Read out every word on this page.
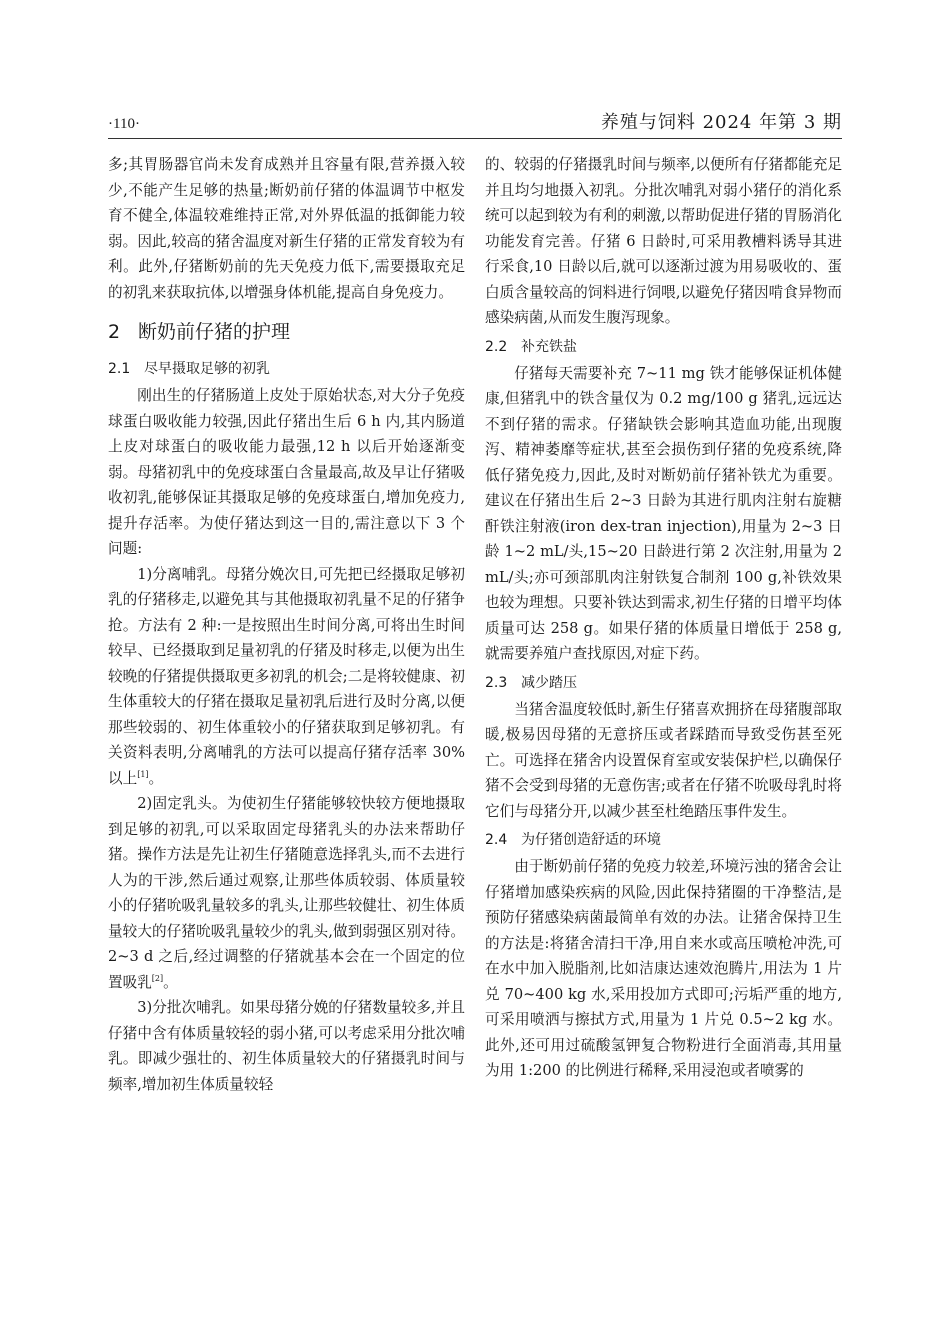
·110·	养殖与饲料 2024 年第 3 期

多;其胃肠器官尚未发育成熟并且容量有限,营养摄入较少,不能产生足够的热量;断奶前仔猪的体温调节中枢发育不健全,体温较难维持正常,对外界低温的抵御能力较弱。因此,较高的猪舍温度对新生仔猪的正常发育较为有利。此外,仔猪断奶前的先天免疫力低下,需要摄取充足的初乳来获取抗体,以增强身体机能,提高自身免疫力。

2 断奶前仔猪的护理
2.1 尽早摄取足够的初乳

刚出生的仔猪肠道上皮处于原始状态,对大分子免疫球蛋白吸收能力较强,因此仔猪出生后 6 h 内,其内肠道上皮对球蛋白的吸收能力最强,12 h 以后开始逐渐变弱。母猪初乳中的免疫球蛋白含量最高,故及早让仔猪吸收初乳,能够保证其摄取足够的免疫球蛋白,增加免疫力,提升存活率。为使仔猪达到这一目的,需注意以下 3 个问题:

1)分离哺乳。母猪分娩次日,可先把已经摄取足够初乳的仔猪移走,以避免其与其他摄取初乳量不足的仔猪争抢。方法有 2 种:一是按照出生时间分离,可将出生时间较早、已经摄取到足量初乳的仔猪及时移走,以便为出生较晚的仔猪提供摄取更多初乳的机会;二是将较健康、初生体重较大的仔猪在摄取足量初乳后进行及时分离,以便那些较弱的、初生体重较小的仔猪获取到足够初乳。有关资料表明,分离哺乳的方法可以提高仔猪存活率 30% 以上[1]。

2)固定乳头。为使初生仔猪能够较快较方便地摄取到足够的初乳,可以采取固定母猪乳头的办法来帮助仔猪。操作方法是先让初生仔猪随意选择乳头,而不去进行人为的干涉,然后通过观察,让那些体质较弱、体质量较小的仔猪吮吸乳量较多的乳头,让那些较健壮、初生体质量较大的仔猪吮吸乳量较少的乳头,做到弱强区别对待。2~3 d 之后,经过调整的仔猪就基本会在一个固定的位置吸乳[2]。

3)分批次哺乳。如果母猪分娩的仔猪数量较多,并且仔猪中含有体质量较轻的弱小猪,可以考虑采用分批次哺乳。即减少强壮的、初生体质量较大的仔猪摄乳时间与频率,增加初生体质量较轻

的、较弱的仔猪摄乳时间与频率,以便所有仔猪都能充足并且均匀地摄入初乳。分批次哺乳对弱小猪仔的消化系统可以起到较为有利的刺激,以帮助促进仔猪的胃肠消化功能发育完善。仔猪 6 日龄时,可采用教槽料诱导其进行采食,10 日龄以后,就可以逐渐过渡为用易吸收的、蛋白质含量较高的饲料进行饲喂,以避免仔猪因啃食异物而感染病菌,从而发生腹泻现象。

2.2 补充铁盐

仔猪每天需要补充 7~11 mg 铁才能够保证机体健康,但猪乳中的铁含量仅为 0.2 mg/100 g 猪乳,远远达不到仔猪的需求。仔猪缺铁会影响其造血功能,出现腹泻、精神萎靡等症状,甚至会损伤到仔猪的免疫系统,降低仔猪免疫力,因此,及时对断奶前仔猪补铁尤为重要。建议在仔猪出生后 2~3 日龄为其进行肌肉注射右旋糖酐铁注射液(iron dex-tran injection),用量为 2~3 日龄 1~2 mL/头,15~20 日龄进行第 2 次注射,用量为 2 mL/头;亦可颈部肌肉注射铁复合制剂 100 g,补铁效果也较为理想。只要补铁达到需求,初生仔猪的日增平均体质量可达 258 g。如果仔猪的体质量日增低于 258 g,就需要养殖户查找原因,对症下药。

2.3 减少踏压

当猪舍温度较低时,新生仔猪喜欢拥挤在母猪腹部取暖,极易因母猪的无意挤压或者踩踏而导致受伤甚至死亡。可选择在猪舍内设置保育室或安装保护栏,以确保仔猪不会受到母猪的无意伤害;或者在仔猪不吮吸母乳时将它们与母猪分开,以减少甚至杜绝踏压事件发生。

2.4 为仔猪创造舒适的环境

由于断奶前仔猪的免疫力较差,环境污浊的猪舍会让仔猪增加感染疾病的风险,因此保持猪圈的干净整洁,是预防仔猪感染病菌最简单有效的办法。让猪舍保持卫生的方法是:将猪舍清扫干净,用自来水或高压喷枪冲洗,可在水中加入脱脂剂,比如洁康达速效泡腾片,用法为 1 片兑 70~400 kg 水,采用投加方式即可;污垢严重的地方,可采用喷洒与擦拭方式,用量为 1 片兑 0.5~2 kg 水。此外,还可用过硫酸氢钾复合物粉进行全面消毒,其用量为用 1:200 的比例进行稀释,采用浸泡或者喷雾的
